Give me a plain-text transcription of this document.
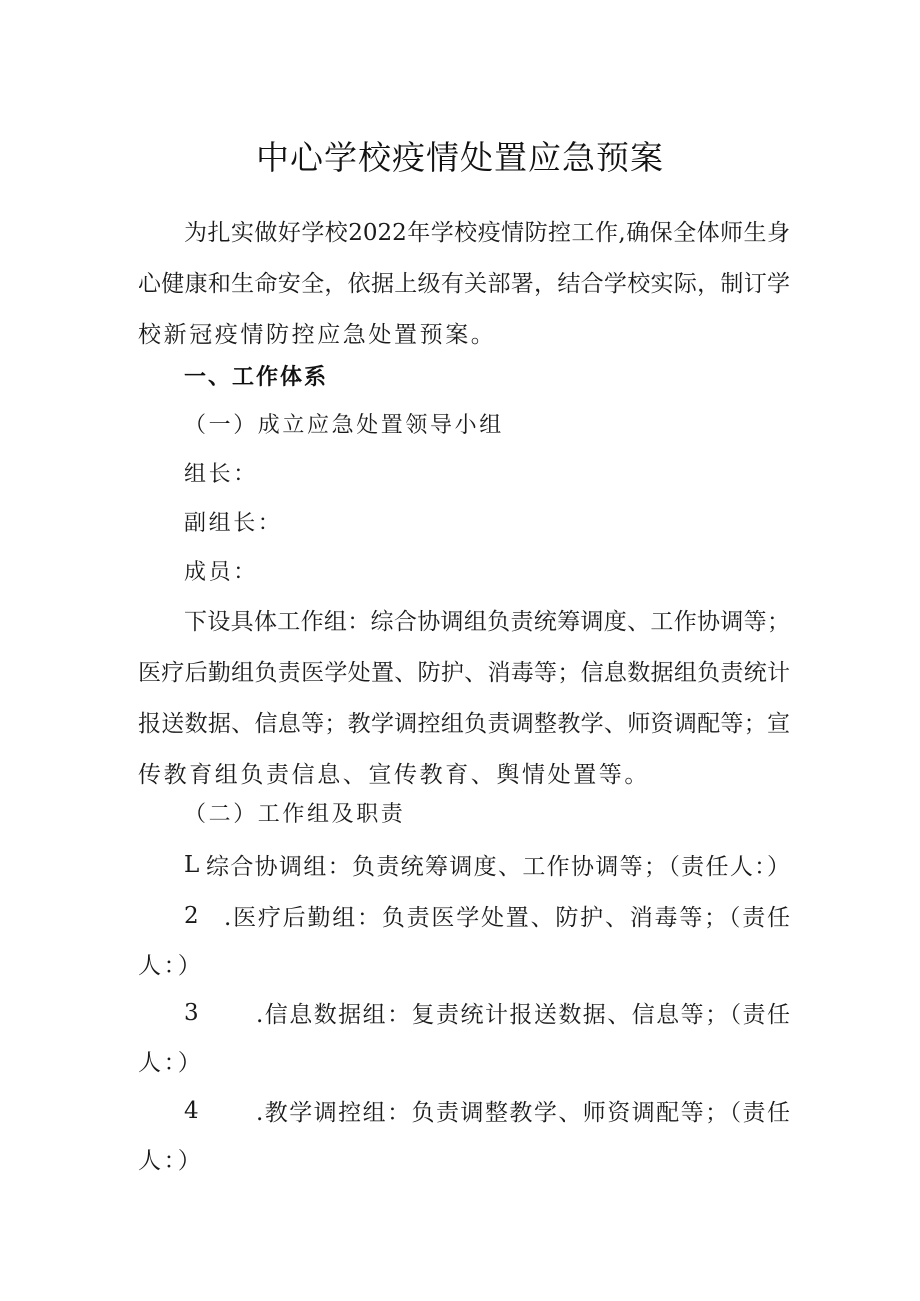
中心学校疫情处置应急预案
为扎实做好学校2022年学校疫情防控工作,确保全体师生身
心健康和生命安全，依据上级有关部署，结合学校实际，制订学
校新冠疫情防控应急处置预案。
一、工作体系
（一）成立应急处置领导小组
组长：
副组长：
成员：
下设具体工作组：综合协调组负责统筹调度、工作协调等；
医疗后勤组负责医学处置、防护、消毒等；信息数据组负责统计
报送数据、信息等；教学调控组负责调整教学、师资调配等；宣
传教育组负责信息、宣传教育、舆情处置等。
（二）工作组及职责
L 综合协调组：负责统筹调度、工作协调等；（责任人：）
2	.医疗后勤组：负责医学处置、防护、消毒等；（责任
人：）
3	.信息数据组：复责统计报送数据、信息等；（责任
人：）
4	.教学调控组：负责调整教学、师资调配等；（责任
人：）
